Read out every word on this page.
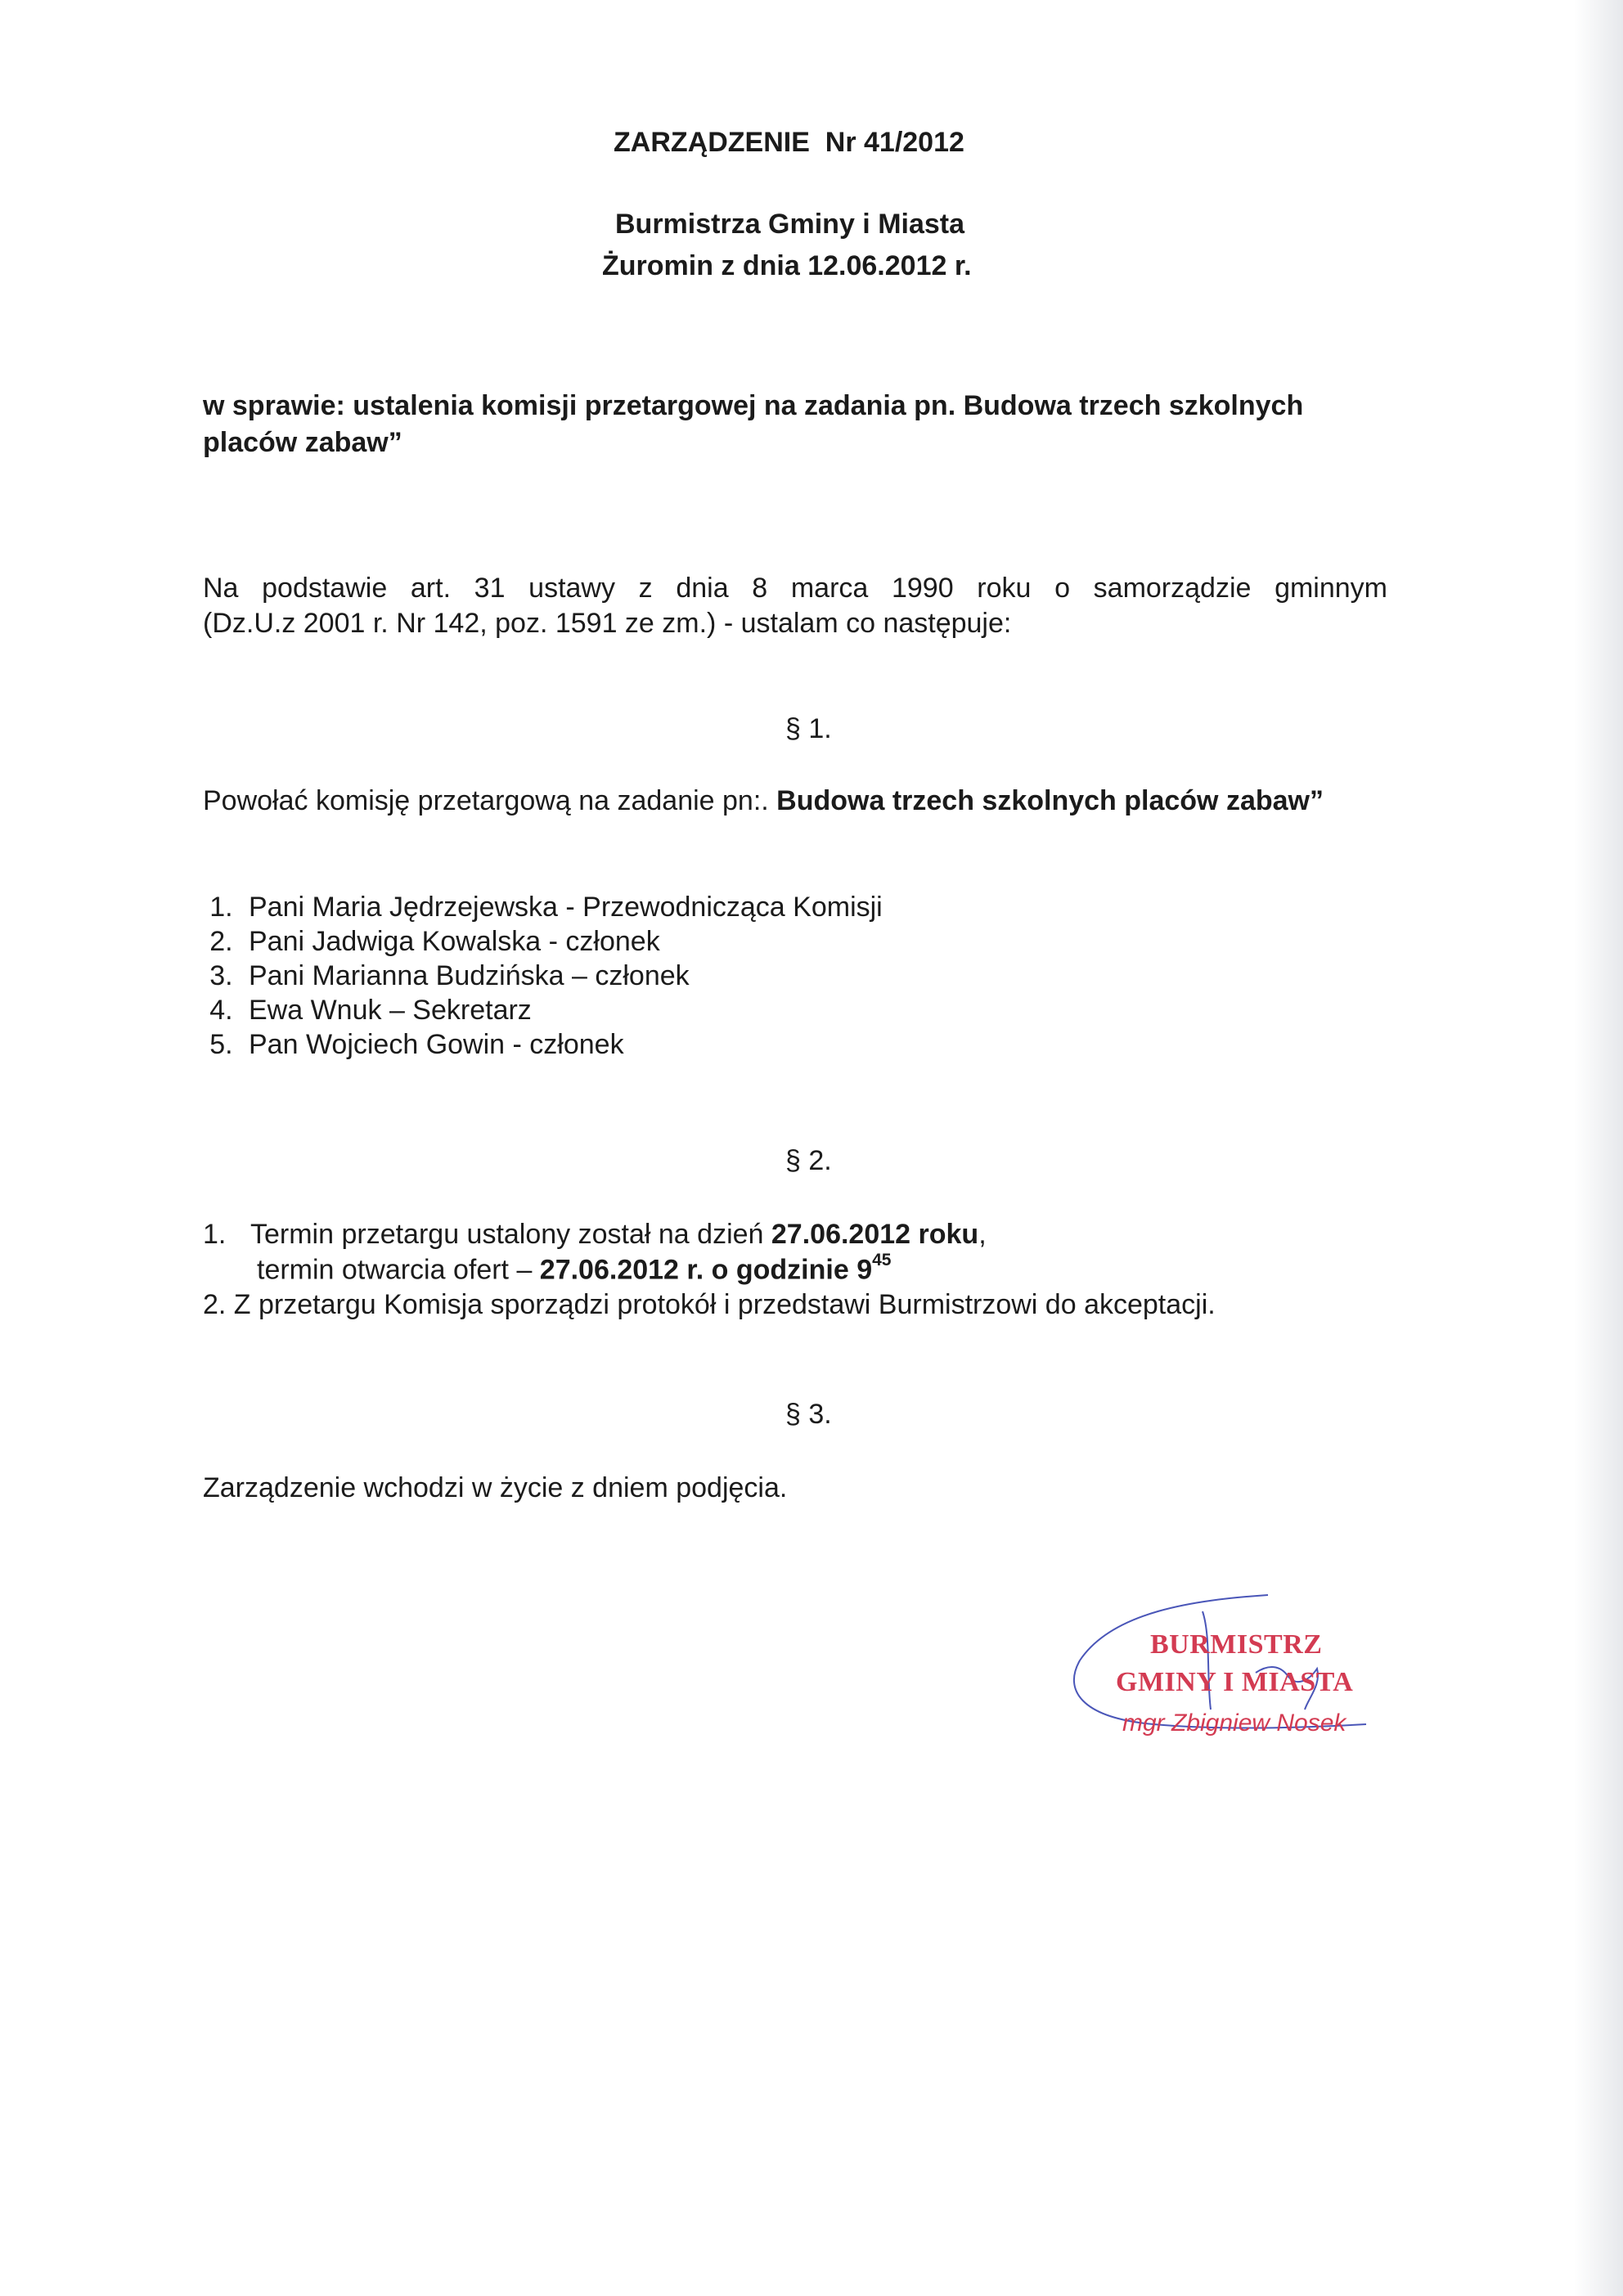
ZARZĄDZENIE  Nr 41/2012
Burmistrza Gminy i Miasta
Żuromin z dnia 12.06.2012 r.
w sprawie: ustalenia komisji przetargowej na zadania pn. Budowa trzech szkolnych
placów zabaw”
Na podstawie art. 31 ustawy z dnia 8 marca 1990 roku o samorządzie gminnym
(Dz.U.z 2001 r. Nr 142, poz. 1591 ze zm.) - ustalam co następuje:
§ 1.
Powołać komisję przetargową na zadanie pn:. Budowa trzech szkolnych placów zabaw”
1. Pani Maria Jędrzejewska - Przewodnicząca Komisji
2. Pani Jadwiga Kowalska - członek
3. Pani Marianna Budzińska – członek
4. Ewa Wnuk – Sekretarz
5. Pan Wojciech Gowin - członek
§ 2.
1. Termin przetargu ustalony został na dzień 27.06.2012 roku,
termin otwarcia ofert – 27.06.2012 r. o godzinie $9^{45}$
2. Z przetargu Komisja sporządzi protokół i przedstawi Burmistrzowi do akceptacji.
§ 3.
Zarządzenie wchodzi w życie z dniem podjęcia.
BURMISTRZ
GMINY I MIASTA
mgr Zbigniew Nosek
